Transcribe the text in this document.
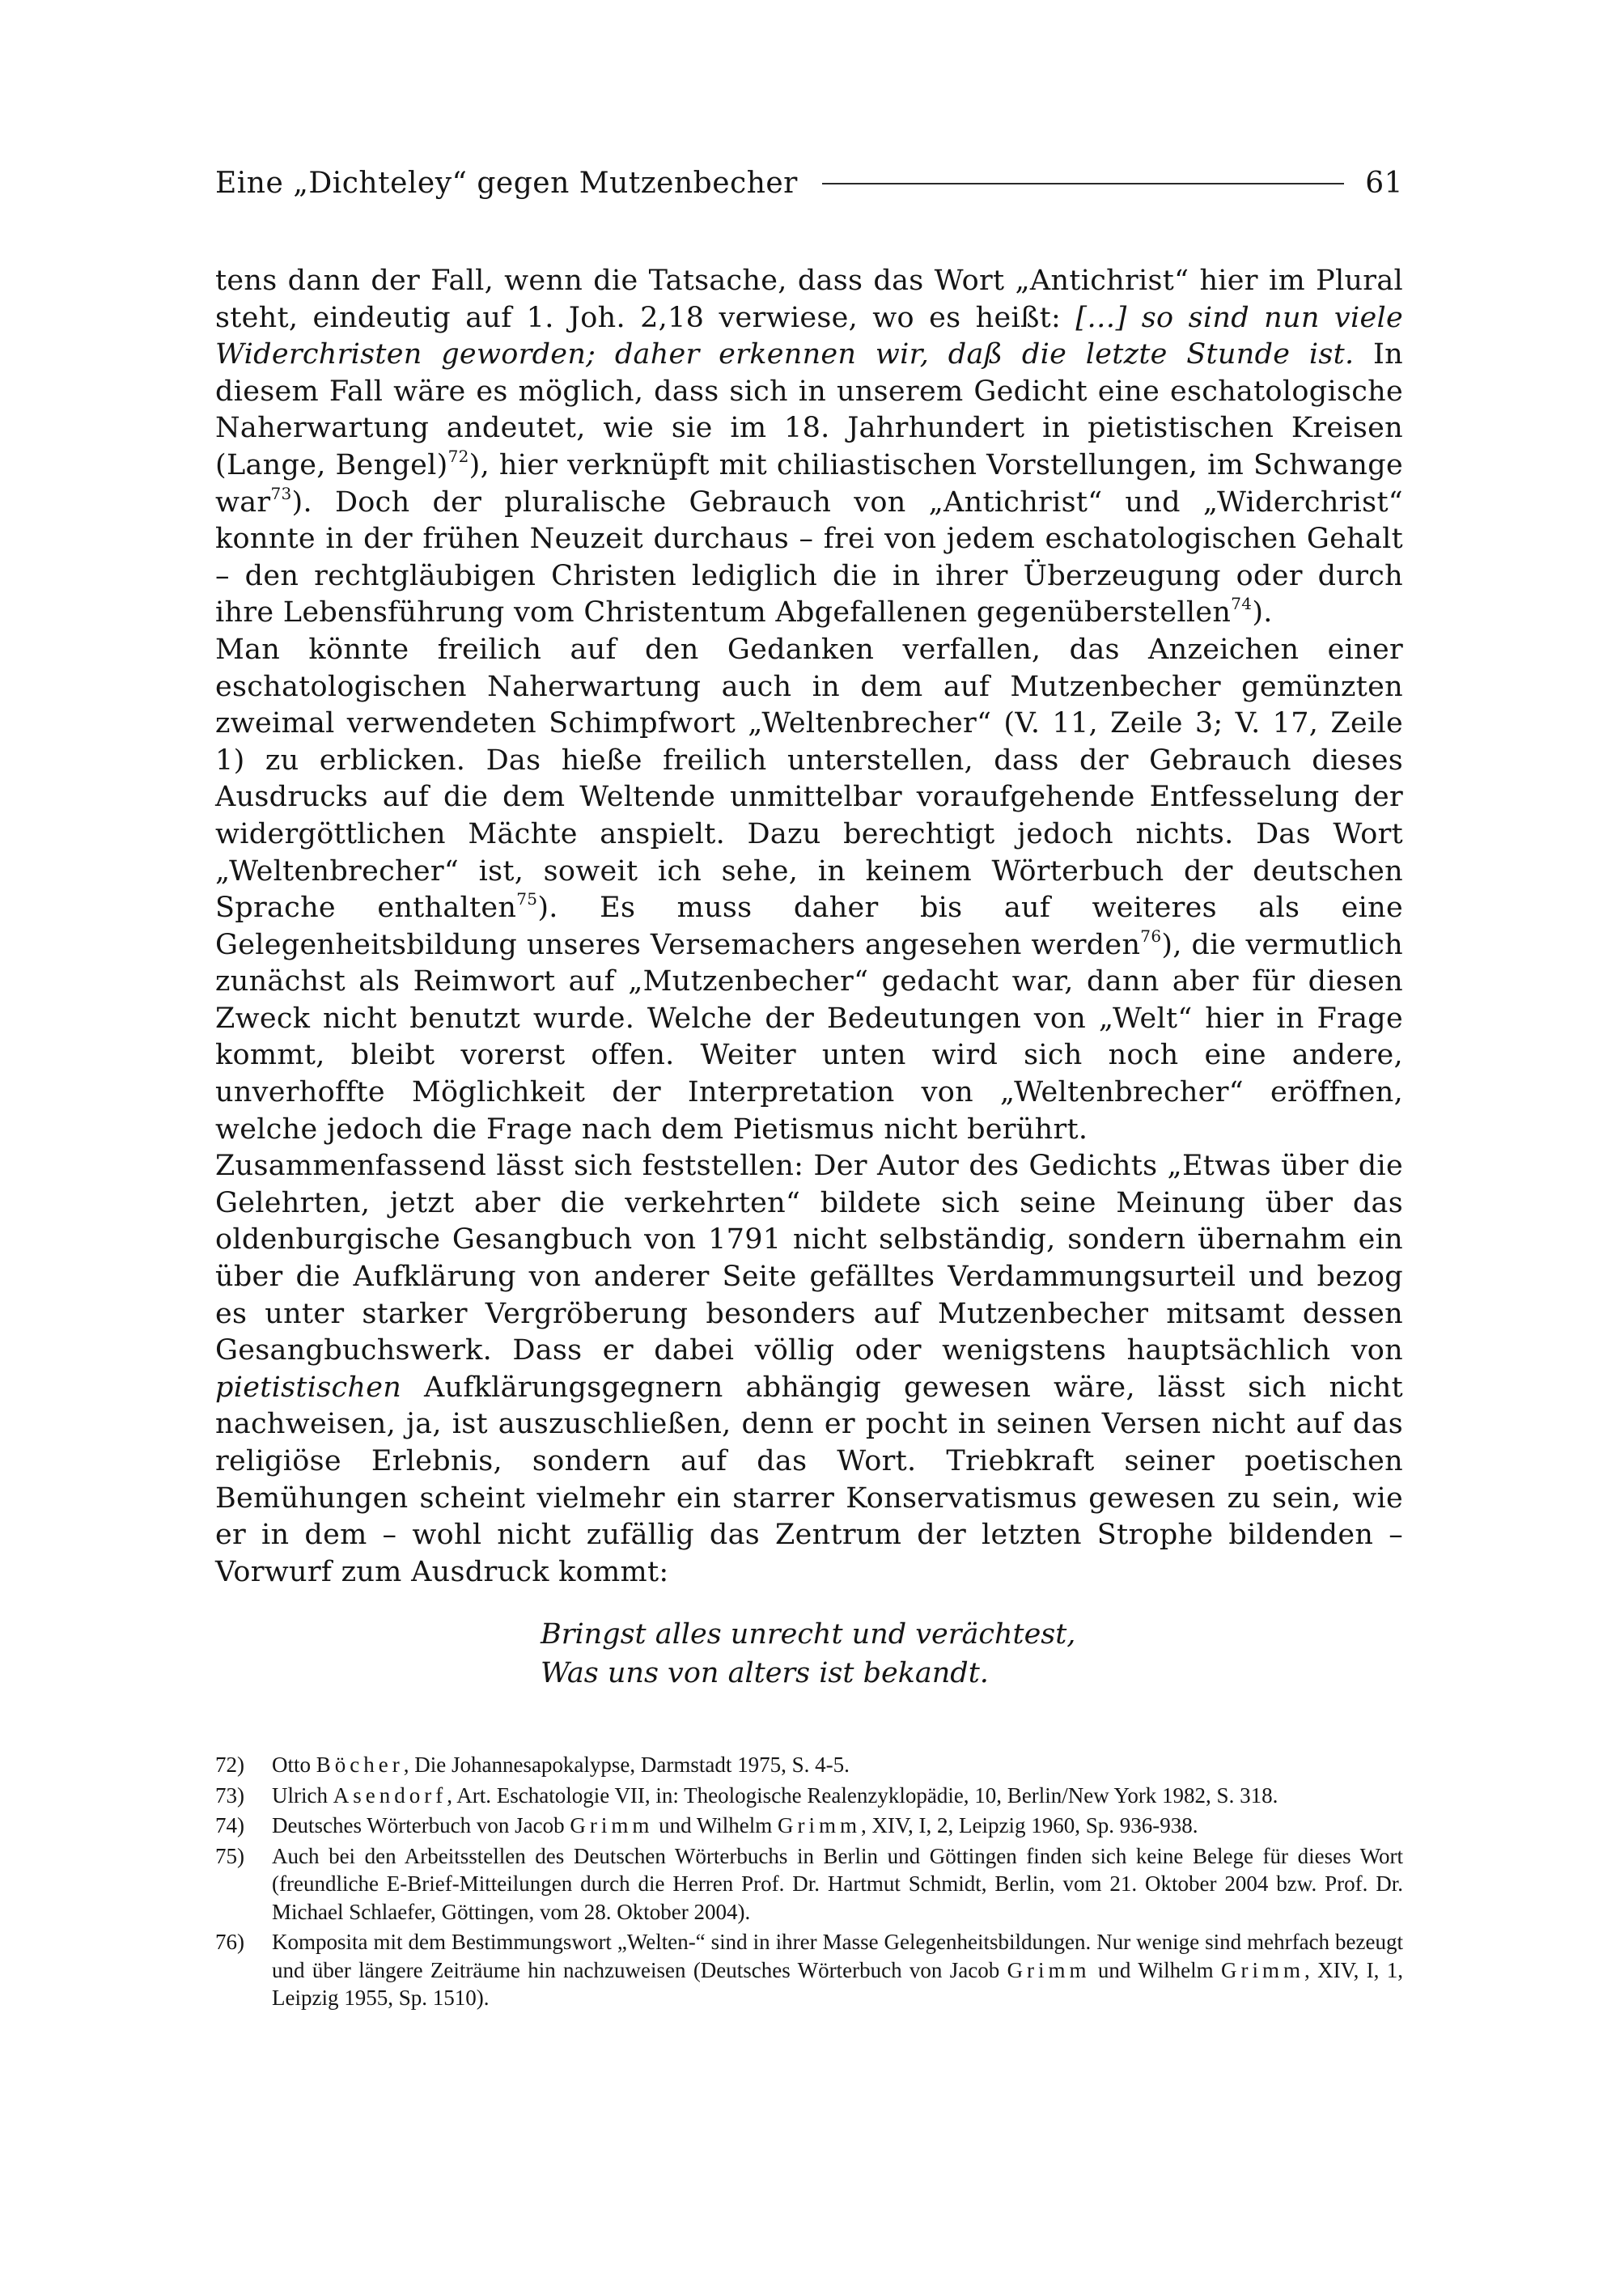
Eine „Dichteley“ gegen Mutzenbecher	61

tens dann der Fall, wenn die Tatsache, dass das Wort „Antichrist“ hier im Plural steht, eindeutig auf 1. Joh. 2,18 verwiese, wo es heißt: […] so sind nun viele Widerchristen geworden; daher erkennen wir, daß die letzte Stunde ist. In diesem Fall wäre es möglich, dass sich in unserem Gedicht eine eschatologische Naherwartung andeutet, wie sie im 18. Jahrhundert in pietistischen Kreisen (Lange, Bengel)$^{72}$), hier verknüpft mit chiliastischen Vorstellungen, im Schwange war$^{73}$). Doch der pluralische Gebrauch von „Antichrist“ und „Widerchrist“ konnte in der frühen Neuzeit durchaus – frei von jedem eschatologischen Gehalt – den rechtgläubigen Christen lediglich die in ihrer Überzeugung oder durch ihre Lebensführung vom Christentum Abgefallenen gegenüberstellen$^{74}$).

Man könnte freilich auf den Gedanken verfallen, das Anzeichen einer eschatologischen Naherwartung auch in dem auf Mutzenbecher gemünzten zweimal verwendeten Schimpfwort „Weltenbrecher“ (V. 11, Zeile 3; V. 17, Zeile 1) zu erblicken. Das hieße freilich unterstellen, dass der Gebrauch dieses Ausdrucks auf die dem Weltende unmittelbar voraufgehende Entfesselung der widergöttlichen Mächte anspielt. Dazu berechtigt jedoch nichts. Das Wort „Weltenbrecher“ ist, soweit ich sehe, in keinem Wörterbuch der deutschen Sprache enthalten$^{75}$). Es muss daher bis auf weiteres als eine Gelegenheitsbildung unseres Versemachers angesehen werden$^{76}$), die vermutlich zunächst als Reimwort auf „Mutzenbecher“ gedacht war, dann aber für diesen Zweck nicht benutzt wurde. Welche der Bedeutungen von „Welt“ hier in Frage kommt, bleibt vorerst offen. Weiter unten wird sich noch eine andere, unverhoffte Möglichkeit der Interpretation von „Weltenbrecher“ eröffnen, welche jedoch die Frage nach dem Pietismus nicht berührt.

Zusammenfassend lässt sich feststellen: Der Autor des Gedichts „Etwas über die Gelehrten, jetzt aber die verkehrten“ bildete sich seine Meinung über das oldenburgische Gesangbuch von 1791 nicht selbständig, sondern übernahm ein über die Aufklärung von anderer Seite gefälltes Verdammungsurteil und bezog es unter starker Vergröberung besonders auf Mutzenbecher mitsamt dessen Gesangbuchswerk. Dass er dabei völlig oder wenigstens hauptsächlich von pietistischen Aufklärungsgegnern abhängig gewesen wäre, lässt sich nicht nachweisen, ja, ist auszuschließen, denn er pocht in seinen Versen nicht auf das religiöse Erlebnis, sondern auf das Wort. Triebkraft seiner poetischen Bemühungen scheint vielmehr ein starrer Konservatismus gewesen zu sein, wie er in dem – wohl nicht zufällig das Zentrum der letzten Strophe bildenden – Vorwurf zum Ausdruck kommt:

Bringst alles unrecht und verächtest,
Was uns von alters ist bekandt.
72)	Otto Böcher, Die Johannesapokalypse, Darmstadt 1975, S. 4-5.
73)	Ulrich Asendorf, Art. Eschatologie VII, in: Theologische Realenzyklopädie, 10, Berlin/New York 1982, S. 318.
74)	Deutsches Wörterbuch von Jacob Grimm und Wilhelm Grimm, XIV, I, 2, Leipzig 1960, Sp. 936-938.
75)	Auch bei den Arbeitsstellen des Deutschen Wörterbuchs in Berlin und Göttingen finden sich keine Belege für dieses Wort (freundliche E-Brief-Mitteilungen durch die Herren Prof. Dr. Hartmut Schmidt, Berlin, vom 21. Oktober 2004 bzw. Prof. Dr. Michael Schlaefer, Göttingen, vom 28. Oktober 2004).
76)	Komposita mit dem Bestimmungswort „Welten-“ sind in ihrer Masse Gelegenheitsbildungen. Nur wenige sind mehrfach bezeugt und über längere Zeiträume hin nachzuweisen (Deutsches Wörterbuch von Jacob Grimm und Wilhelm Grimm, XIV, I, 1, Leipzig 1955, Sp. 1510).
